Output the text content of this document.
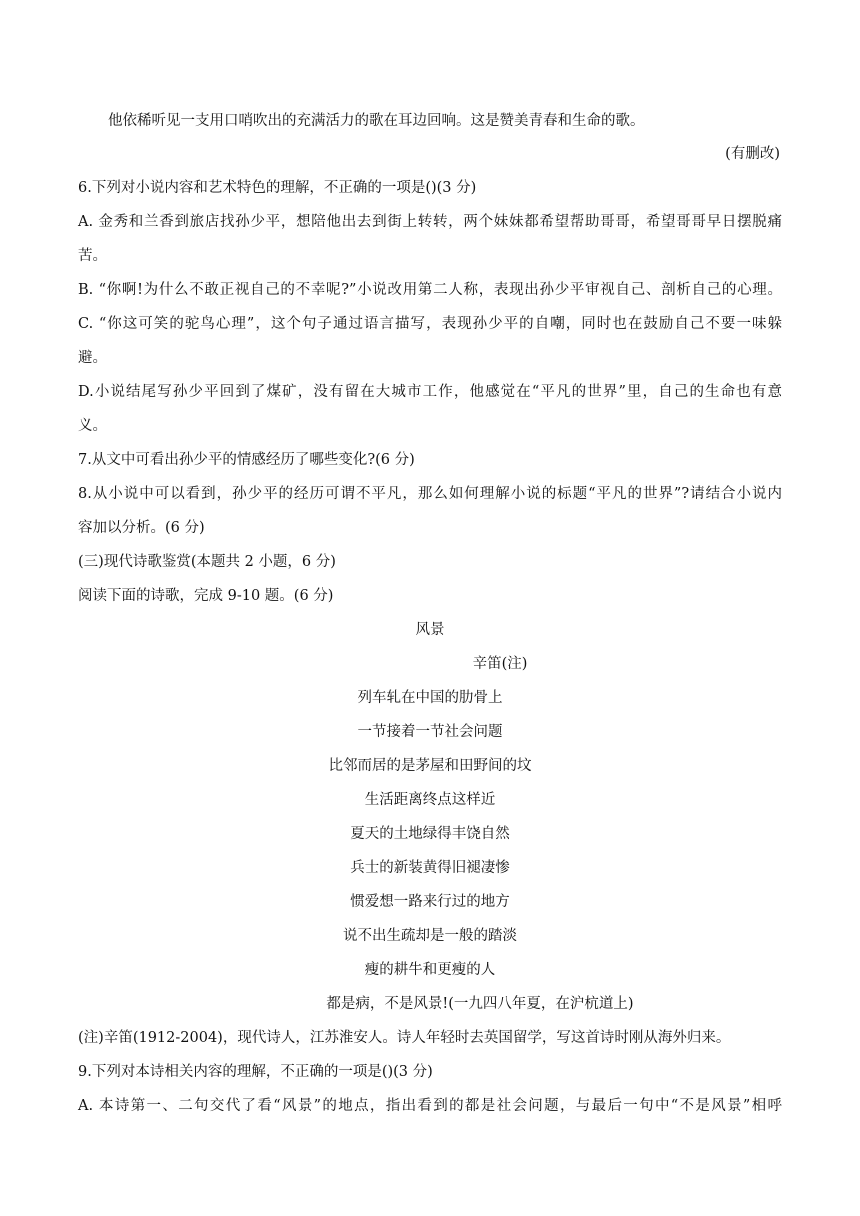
他依稀听见一支用口哨吹出的充满活力的歌在耳边回响。这是赞美青春和生命的歌。
(有删改)
6.下列对小说内容和艺术特色的理解，不正确的一项是()(3 分)
A. 金秀和兰香到旅店找孙少平，想陪他出去到街上转转，两个妹妹都希望帮助哥哥，希望哥哥早日摆脱痛
苦。
B. “你啊!为什么不敢正视自己的不幸呢?”小说改用第二人称，表现出孙少平审视自己、剖析自己的心理。
C. “你这可笑的驼鸟心理”，这个句子通过语言描写，表现孙少平的自嘲，同时也在鼓励自己不要一味躲
避。
D.小说结尾写孙少平回到了煤矿，没有留在大城市工作，他感觉在“平凡的世界”里，自己的生命也有意
义。
7.从文中可看出孙少平的情感经历了哪些变化?(6 分)
8.从小说中可以看到，孙少平的经历可谓不平凡，那么如何理解小说的标题“平凡的世界”?请结合小说内
容加以分析。(6 分)
(三)现代诗歌鉴赏(本题共 2 小题，6 分)
阅读下面的诗歌，完成 9-10 题。(6 分)
风景
辛笛(注)
列车轧在中国的肋骨上
一节接着一节社会问题
比邻而居的是茅屋和田野间的坟
生活距离终点这样近
夏天的土地绿得丰饶自然
兵士的新装黄得旧褪凄惨
惯爱想一路来行过的地方
说不出生疏却是一般的踏淡
瘦的耕牛和更瘦的人
都是病，不是风景!(一九四八年夏，在沪杭道上)
(注)辛笛(1912-2004)，现代诗人，江苏淮安人。诗人年轻时去英国留学，写这首诗时刚从海外归来。
9.下列对本诗相关内容的理解，不正确的一项是()(3 分)
A. 本诗第一、二句交代了看“风景”的地点，指出看到的都是社会问题，与最后一句中“不是风景”相呼
